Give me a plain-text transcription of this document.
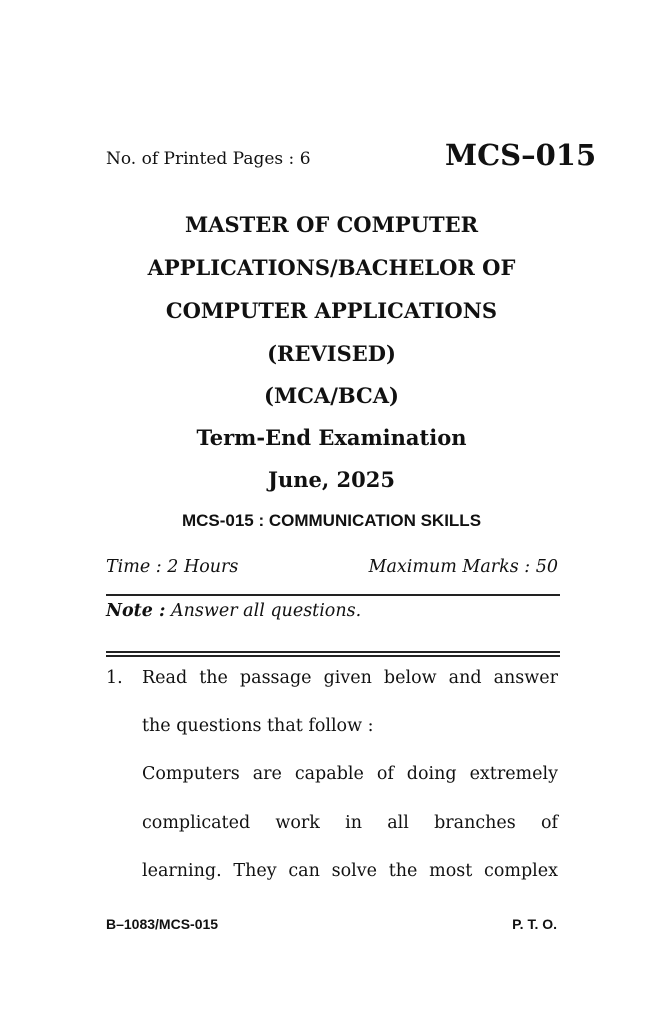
No. of Printed Pages : 6	MCS–015
MASTER OF COMPUTER
APPLICATIONS/BACHELOR OF
COMPUTER APPLICATIONS
(REVISED)
(MCA/BCA)
Term-End Examination
June, 2025
MCS-015 : COMMUNICATION SKILLS
Time : 2 Hours	Maximum Marks : 50
Note : Answer all questions.
1. Read the passage given below and answer
the questions that follow :
Computers are capable of doing extremely
complicated work in all branches of
learning. They can solve the most complex
B–1083/MCS-015	P. T. O.
